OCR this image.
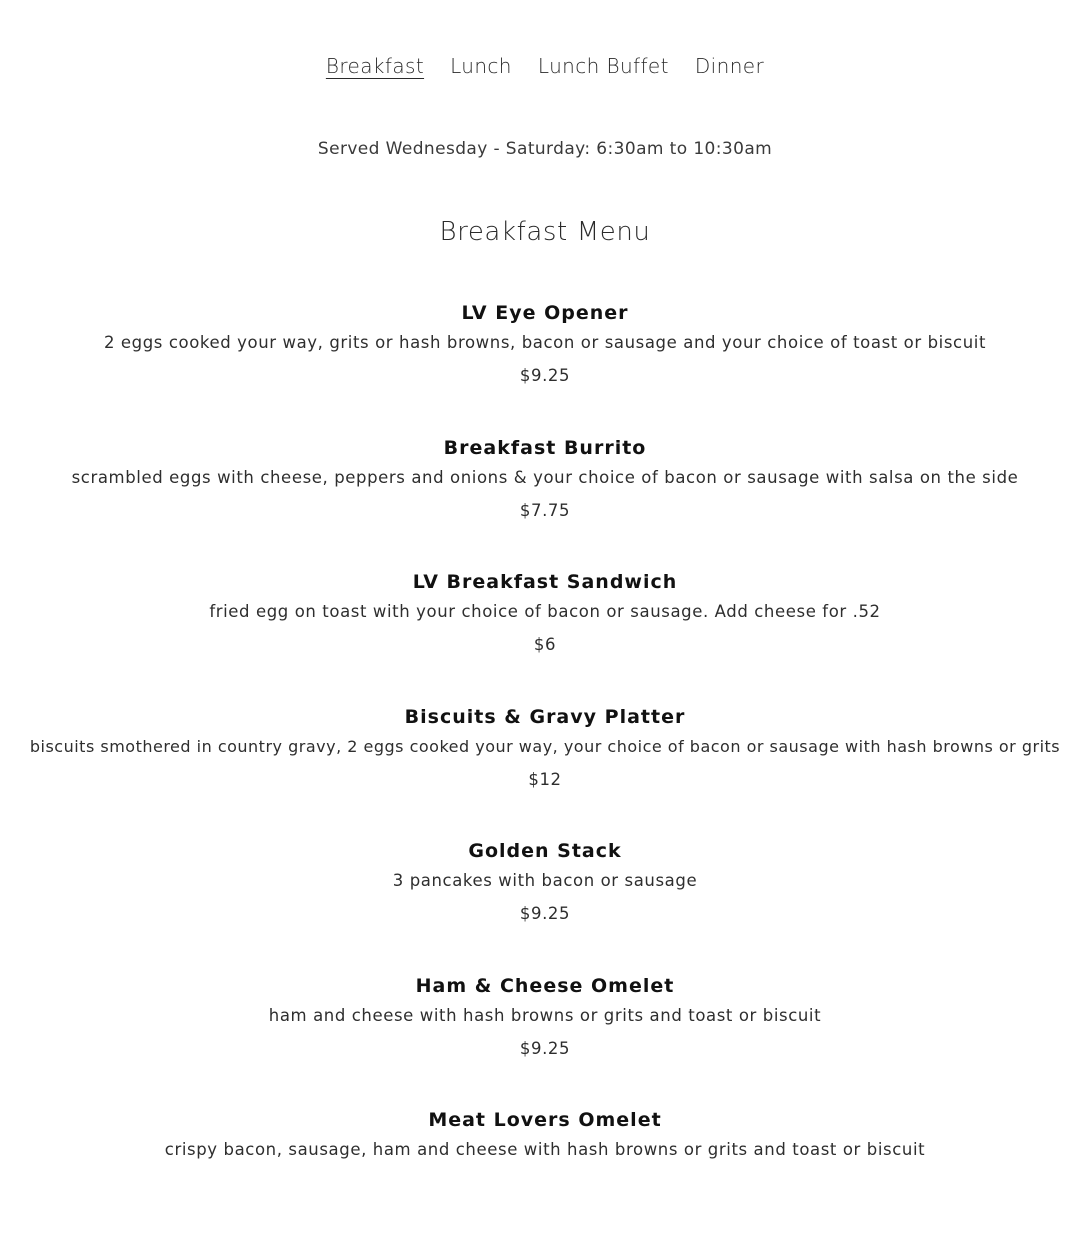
Breakfast Lunch Lunch Buffet Dinner
Served Wednesday - Saturday: 6:30am to 10:30am
Breakfast Menu
LV Eye Opener
2 eggs cooked your way, grits or hash browns, bacon or sausage and your choice of toast or biscuit
$9.25
Breakfast Burrito
scrambled eggs with cheese, peppers and onions & your choice of bacon or sausage with salsa on the side
$7.75
LV Breakfast Sandwich
fried egg on toast with your choice of bacon or sausage. Add cheese for .52
$6
Biscuits & Gravy Platter
biscuits smothered in country gravy, 2 eggs cooked your way, your choice of bacon or sausage with hash browns or grits
$12
Golden Stack
3 pancakes with bacon or sausage
$9.25
Ham & Cheese Omelet
ham and cheese with hash browns or grits and toast or biscuit
$9.25
Meat Lovers Omelet
crispy bacon, sausage, ham and cheese with hash browns or grits and toast or biscuit
